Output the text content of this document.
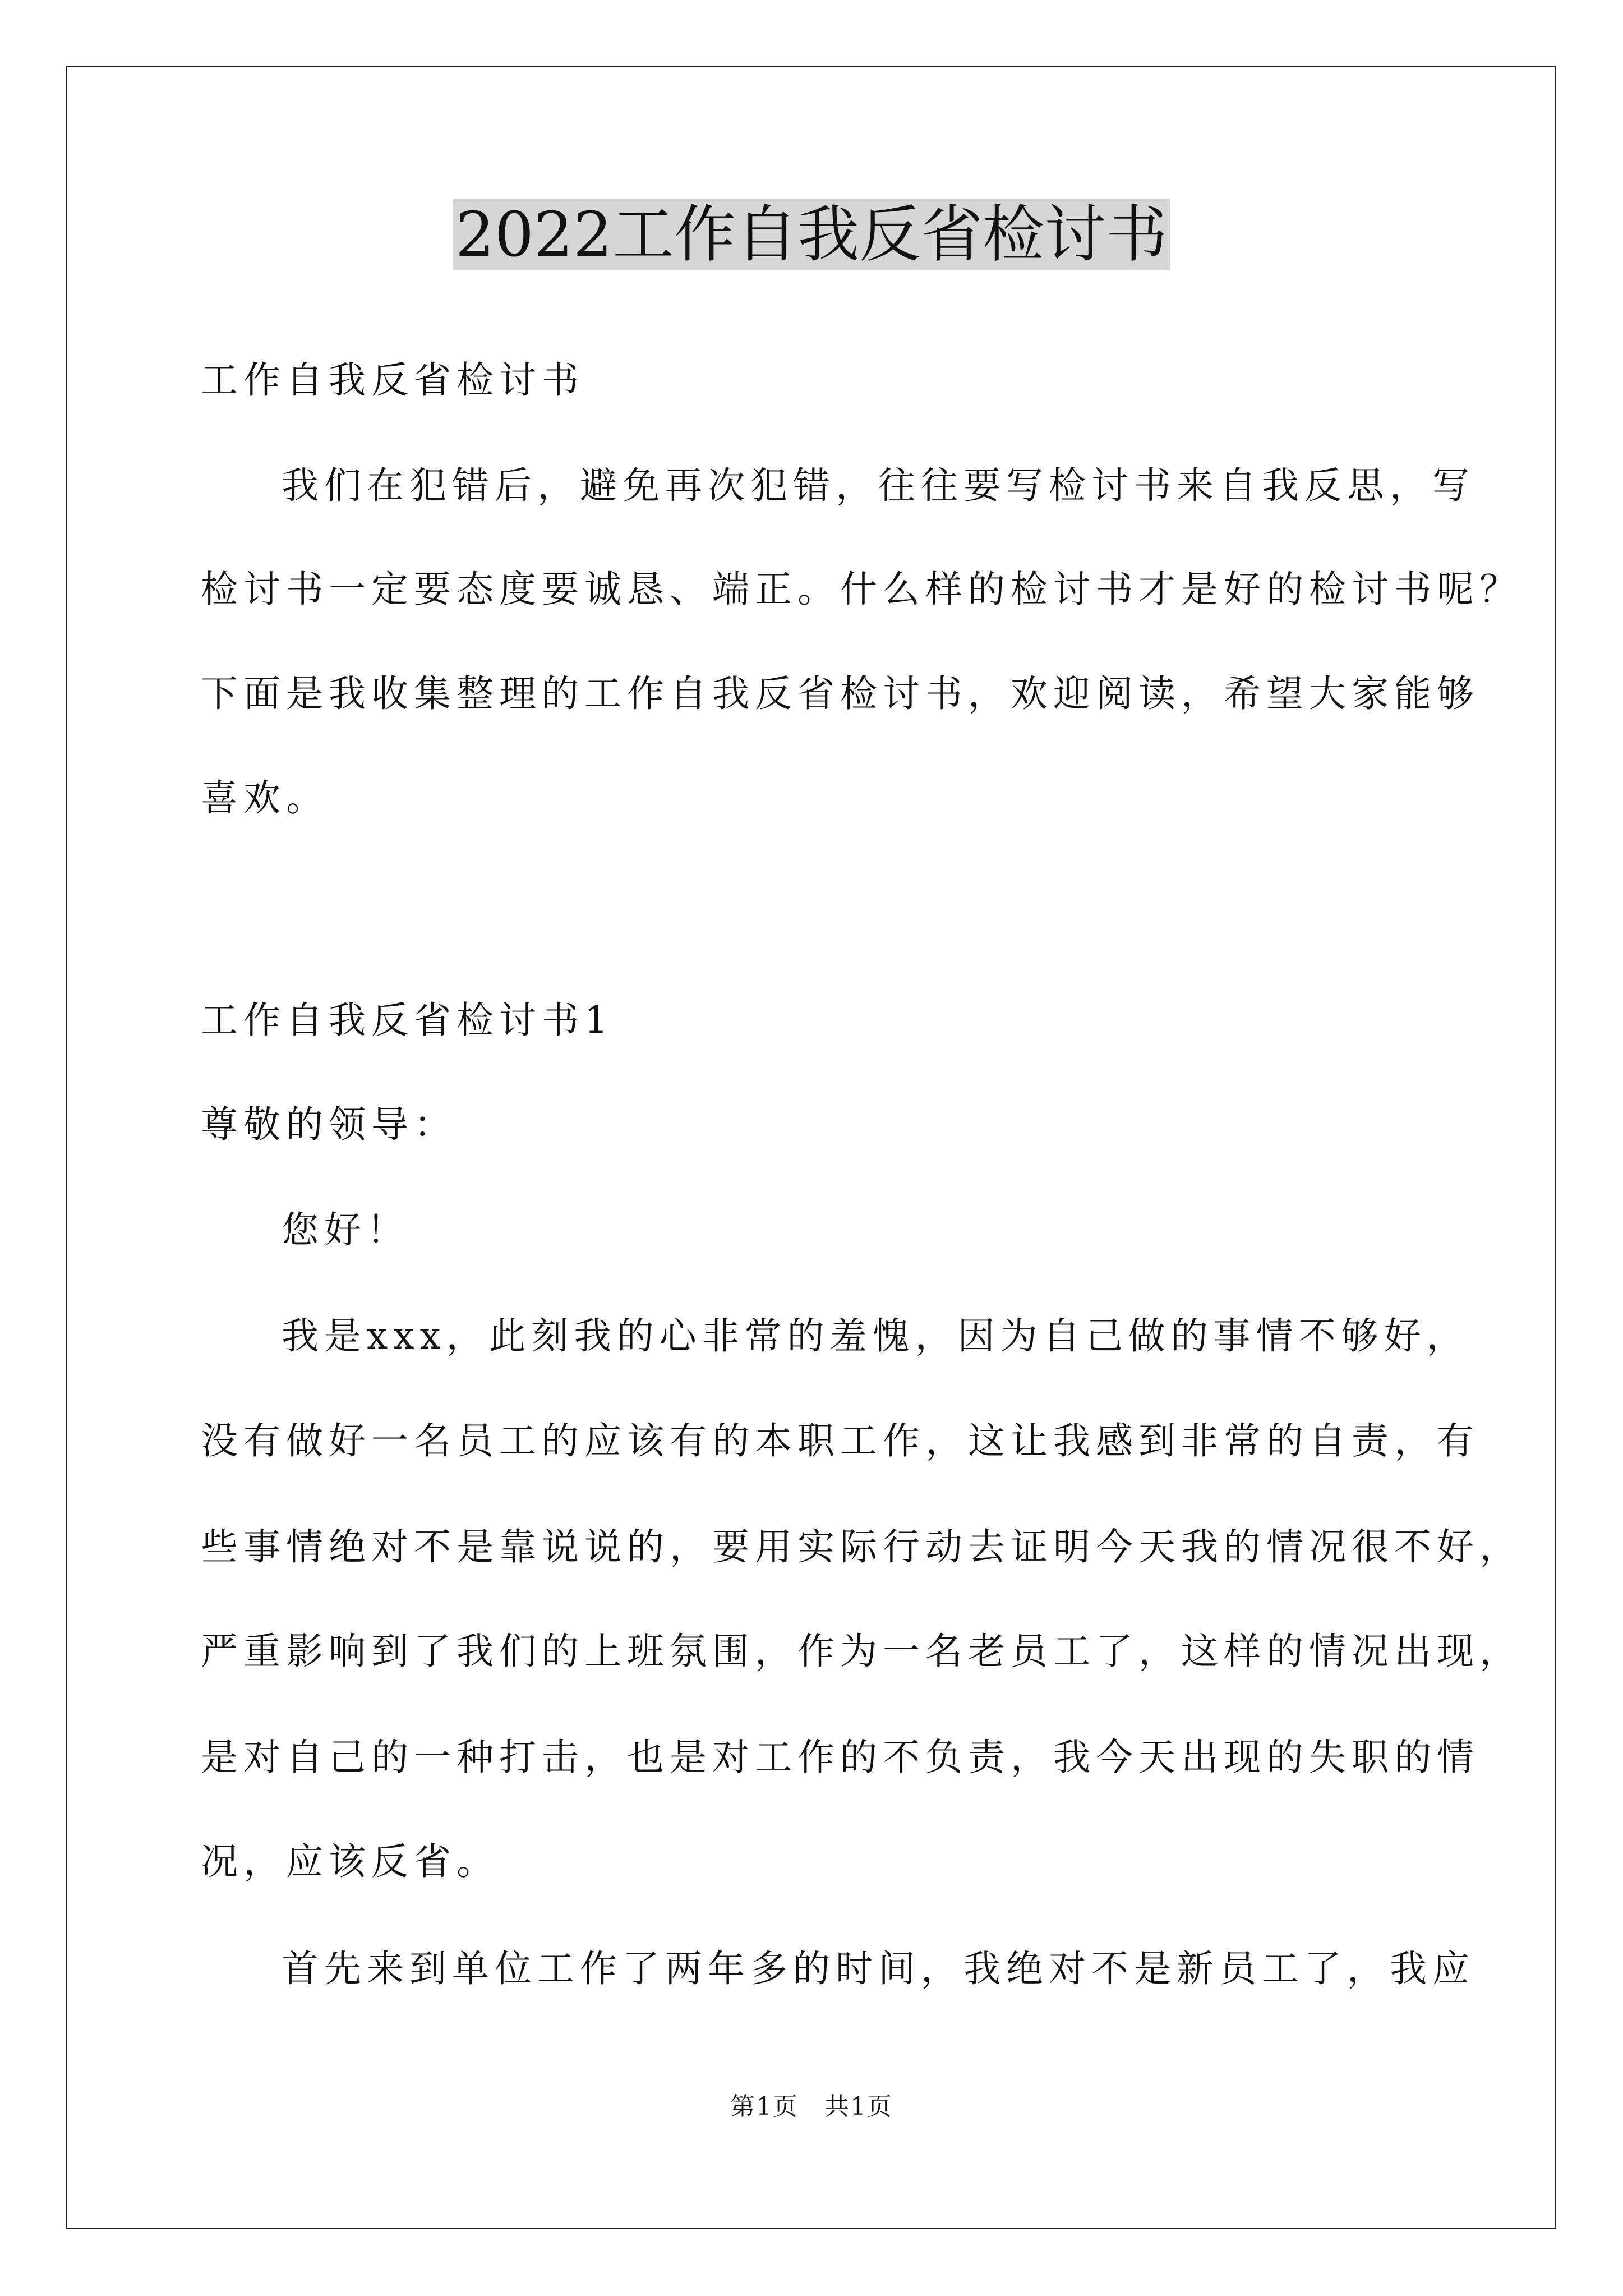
2022工作自我反省检讨书
工作自我反省检讨书
我们在犯错后，避免再次犯错，往往要写检讨书来自我反思，写
检讨书一定要态度要诚恳、端正。什么样的检讨书才是好的检讨书呢？
下面是我收集整理的工作自我反省检讨书，欢迎阅读，希望大家能够
喜欢。
工作自我反省检讨书1
尊敬的领导：
您好！
我是xxx，此刻我的心非常的羞愧，因为自己做的事情不够好，
没有做好一名员工的应该有的本职工作，这让我感到非常的自责，有
些事情绝对不是靠说说的，要用实际行动去证明今天我的情况很不好，
严重影响到了我们的上班氛围，作为一名老员工了，这样的情况出现，
是对自己的一种打击，也是对工作的不负责，我今天出现的失职的情
况，应该反省。
首先来到单位工作了两年多的时间，我绝对不是新员工了，我应
第1页　共1页
